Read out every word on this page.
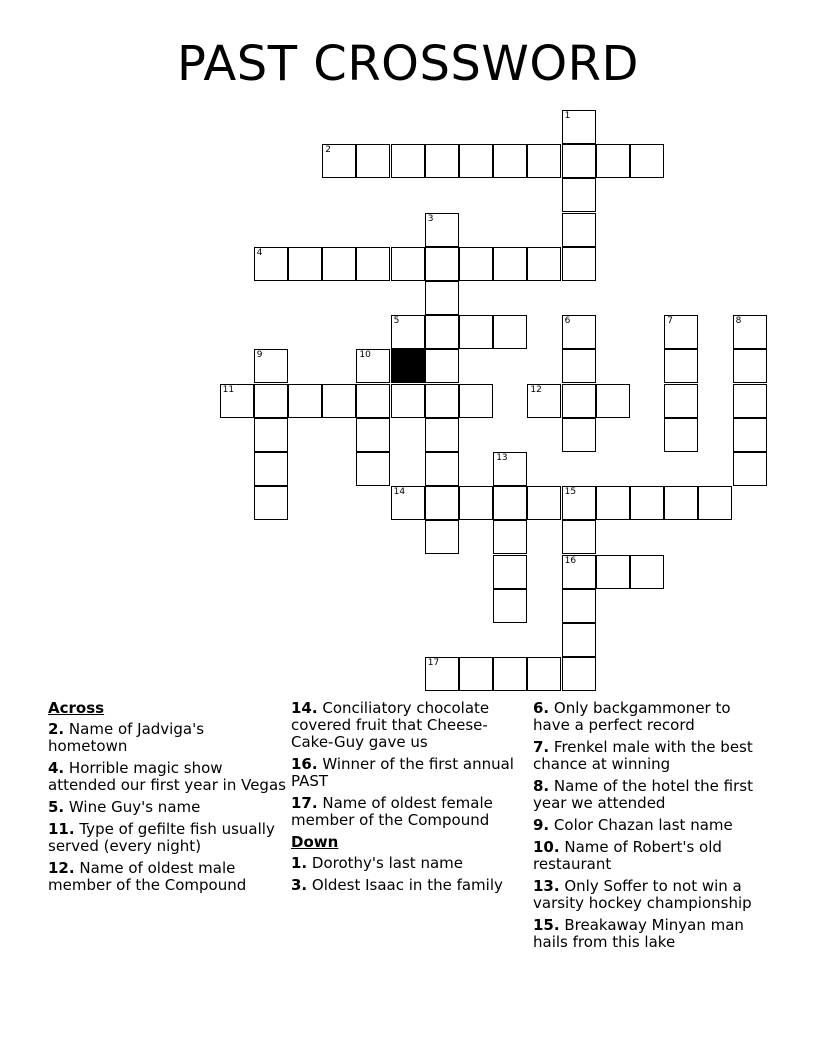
PAST CROSSWORD
1
2
3
4
5	6	7	8
9	10
11	12
13
14	15
16
17
Across
2. Name of Jadviga's hometown
4. Horrible magic show attended our first year in Vegas
5. Wine Guy's name
11. Type of gefilte fish usually served (every night)
12. Name of oldest male member of the Compound
14. Conciliatory chocolate covered fruit that Cheese-Cake-Guy gave us
16. Winner of the first annual PAST
17. Name of oldest female member of the Compound
Down
1. Dorothy's last name
3. Oldest Isaac in the family
6. Only backgammoner to have a perfect record
7. Frenkel male with the best chance at winning
8. Name of the hotel the first year we attended
9. Color Chazan last name
10. Name of Robert's old restaurant
13. Only Soffer to not win a varsity hockey championship
15. Breakaway Minyan man hails from this lake
